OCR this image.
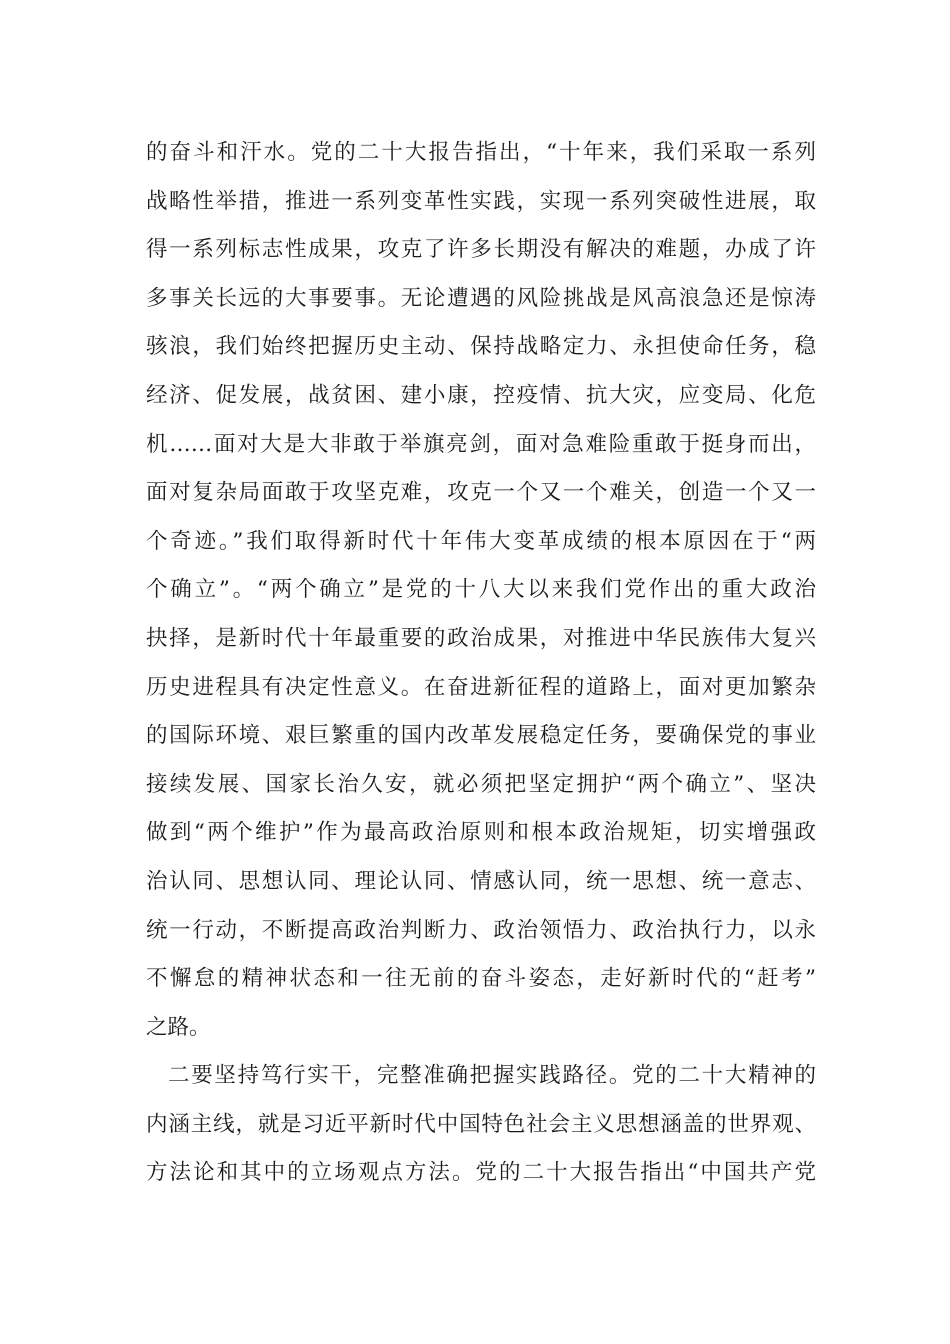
的奋斗和汗水。党的二十大报告指出，“十年来，我们采取一系列
战略性举措，推进一系列变革性实践，实现一系列突破性进展，取
得一系列标志性成果，攻克了许多长期没有解决的难题，办成了许
多事关长远的大事要事。无论遭遇的风险挑战是风高浪急还是惊涛
骇浪，我们始终把握历史主动、保持战略定力、永担使命任务，稳
经济、促发展，战贫困、建小康，控疫情、抗大灾，应变局、化危
机……面对大是大非敢于举旗亮剑，面对急难险重敢于挺身而出，
面对复杂局面敢于攻坚克难，攻克一个又一个难关，创造一个又一
个奇迹。”我们取得新时代十年伟大变革成绩的根本原因在于“两
个确立”。“两个确立”是党的十八大以来我们党作出的重大政治
抉择，是新时代十年最重要的政治成果，对推进中华民族伟大复兴
历史进程具有决定性意义。在奋进新征程的道路上，面对更加繁杂
的国际环境、艰巨繁重的国内改革发展稳定任务，要确保党的事业
接续发展、国家长治久安，就必须把坚定拥护“两个确立”、坚决
做到“两个维护”作为最高政治原则和根本政治规矩，切实增强政
治认同、思想认同、理论认同、情感认同，统一思想、统一意志、
统一行动，不断提高政治判断力、政治领悟力、政治执行力，以永
不懈怠的精神状态和一往无前的奋斗姿态，走好新时代的“赶考”
之路。
二要坚持笃行实干，完整准确把握实践路径。党的二十大精神的
内涵主线，就是习近平新时代中国特色社会主义思想涵盖的世界观、
方法论和其中的立场观点方法。党的二十大报告指出“中国共产党
